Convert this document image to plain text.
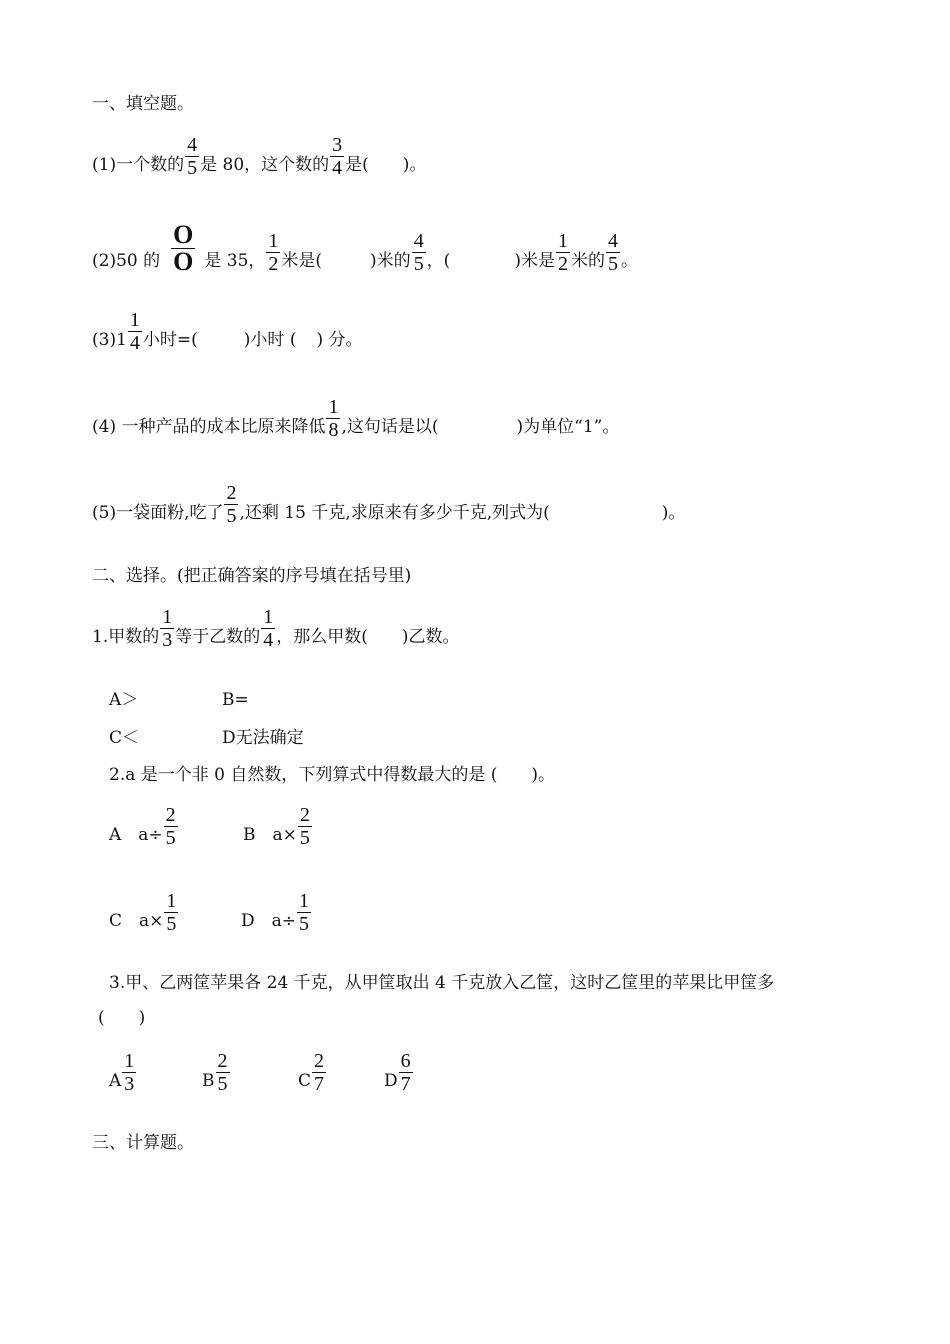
一、填空题。
(1)一个数的 $\frac{4}{5}$ 是 80，这个数的 $\frac{3}{4}$ 是(　　)。
(2)50 的 $\frac{O}{O}$ 是 35， $\frac{1}{2}$ 米是(	)米的 $\frac{4}{5}$ ，(	)米是 $\frac{1}{2}$ 米的 $\frac{4}{5}$ 。
$(3)1 \frac{1}{4}$ 小时=(	)小时 ( ) 分。
(4) 一种产品的成本比原来降低 $\frac{1}{8}$ ,这句话是以(	)为单位“1”。
(5)一袋面粉,吃了 $\frac{2}{5}$ ,还剩 15 千克,求原来有多少千克,列式为(	)。
二、选择。(把正确答案的序号填在括号里)
1.甲数的 $\frac{1}{3}$ 等于乙数的 $\frac{1}{4}$ ，那么甲数(　　)乙数。
A＞	B=
C＜	D无法确定
2.a 是一个非 0 自然数，下列算式中得数最大的是 (　　)。
A　$a\div \frac{2}{5}$	B　$a\times \frac{2}{5}$
C　$a\times \frac{1}{5}$	D　$a\div \frac{1}{5}$
3.甲、乙两筐苹果各 24 千克，从甲筐取出 4 千克放入乙筐，这时乙筐里的苹果比甲筐多
(　　)
A $\frac{1}{3}$	B $\frac{2}{5}$	C $\frac{2}{7}$	D $\frac{6}{7}$
三、计算题。
